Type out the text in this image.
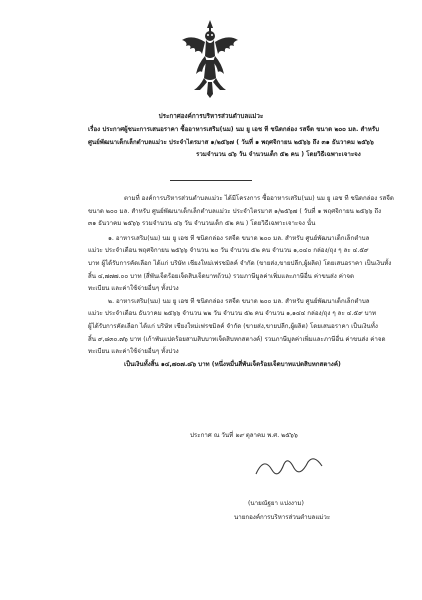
ประกาศองค์การบริหารส่วนตำบลแม่วะ
เรื่อง ประกาศผู้ชนะการเสนอราคา ซื้ออาหารเสริม(นม) นม ยู เอช ที ชนิดกล่อง รสจืด ขนาด ๒๐๐ มล. สำหรับ
ศูนย์พัฒนาเด็กเล็กตำบลแม่วะ ประจำไตรมาส ๑/๒๕๖๗ ( วันที่ ๑ พฤศจิกายน ๒๕๖๖ ถึง ๓๑ ธันวาคม ๒๕๖๖
รวมจำนวน ๔๖ วัน จำนวนเด็ก ๕๒ คน ) โดยวิธีเฉพาะเจาะจง
ตามที่ องค์การบริหารส่วนตำบลแม่วะ ได้มีโครงการ ซื้ออาหารเสริม(นม) นม ยู เอช ที ชนิดกล่อง รสจืด
ขนาด ๒๐๐ มล. สำหรับ ศูนย์พัฒนาเด็กเล็กตำบลแม่วะ ประจำไตรมาส ๑/๒๕๖๗ ( วันที่ ๑ พฤศจิกายน ๒๕๖๖ ถึง
๓๑ ธันวาคม ๒๕๖๖ รวมจำนวน ๔๖ วัน จำนวนเด็ก ๕๒ คน ) โดยวิธีเฉพาะเจาะจง นั้น
๑. อาหารเสริม(นม) นม ยู เอช ที ชนิดกล่อง รสจืด ขนาด ๒๐๐ มล. สำหรับ ศูนย์พัฒนาเด็กเล็กตำบล
แม่วะ ประจำเดือน พฤศจิกายน ๒๕๖๖ จำนวน ๒๐ วัน จำนวน ๕๒ คน จำนวน ๑,๐๔๐ กล่อง/ถุง ๆ ละ ๔.๕๙
บาท ผู้ได้รับการคัดเลือก ได้แก่ บริษัท เชียงใหม่เฟรชมิลค์ จำกัด (ขายส่ง,ขายปลีก,ผู้ผลิต) โดยเสนอราคา เป็นเงินทั้ง
สิ้น ๔,๗๗๗.๐๐ บาท (สี่พันเจ็ดร้อยเจ็ดสิบเจ็ดบาทถ้วน) รวมภาษีมูลค่าเพิ่มและภาษีอื่น ค่าขนส่ง ค่าจด
ทะเบียน และค่าใช้จ่ายอื่นๆ ทั้งปวง
๒. อาหารเสริม(นม) นม ยู เอช ที ชนิดกล่อง รสจืด ขนาด ๒๐๐ มล. สำหรับ ศูนย์พัฒนาเด็กเล็กตำบล
แม่วะ ประจำเดือน ธันวาคม ๒๕๖๖ จำนวน ๒๒ วัน จำนวน ๕๒ คน จำนวน ๑,๑๔๔ กล่อง/ถุง ๆ ละ ๔.๕๙ บาท
ผู้ได้รับการคัดเลือก ได้แก่ บริษัท เชียงใหม่เฟรชมิลค์ จำกัด (ขายส่ง,ขายปลีก,ผู้ผลิต) โดยเสนอราคา เป็นเงินทั้ง
สิ้น ๙,๘๓๐.๗๖ บาท (เก้าพันแปดร้อยสามสิบบาทเจ็ดสิบหกสตางค์) รวมภาษีมูลค่าเพิ่มและภาษีอื่น ค่าขนส่ง ค่าจด
ทะเบียน และค่าใช้จ่ายอื่นๆ ทั้งปวง
เป็นเงินทั้งสิ้น ๑๔,๗๐๗.๘๖ บาท (หนึ่งหมื่นสี่พันเจ็ดร้อยเจ็ดบาทแปดสิบหกสตางค์)
ประกาศ ณ วันที่ ๒๙ ตุลาคม พ.ศ. ๒๕๖๖
(นายณัฐยา แปงงาม)
นายกองค์การบริหารส่วนตำบลแม่วะ
